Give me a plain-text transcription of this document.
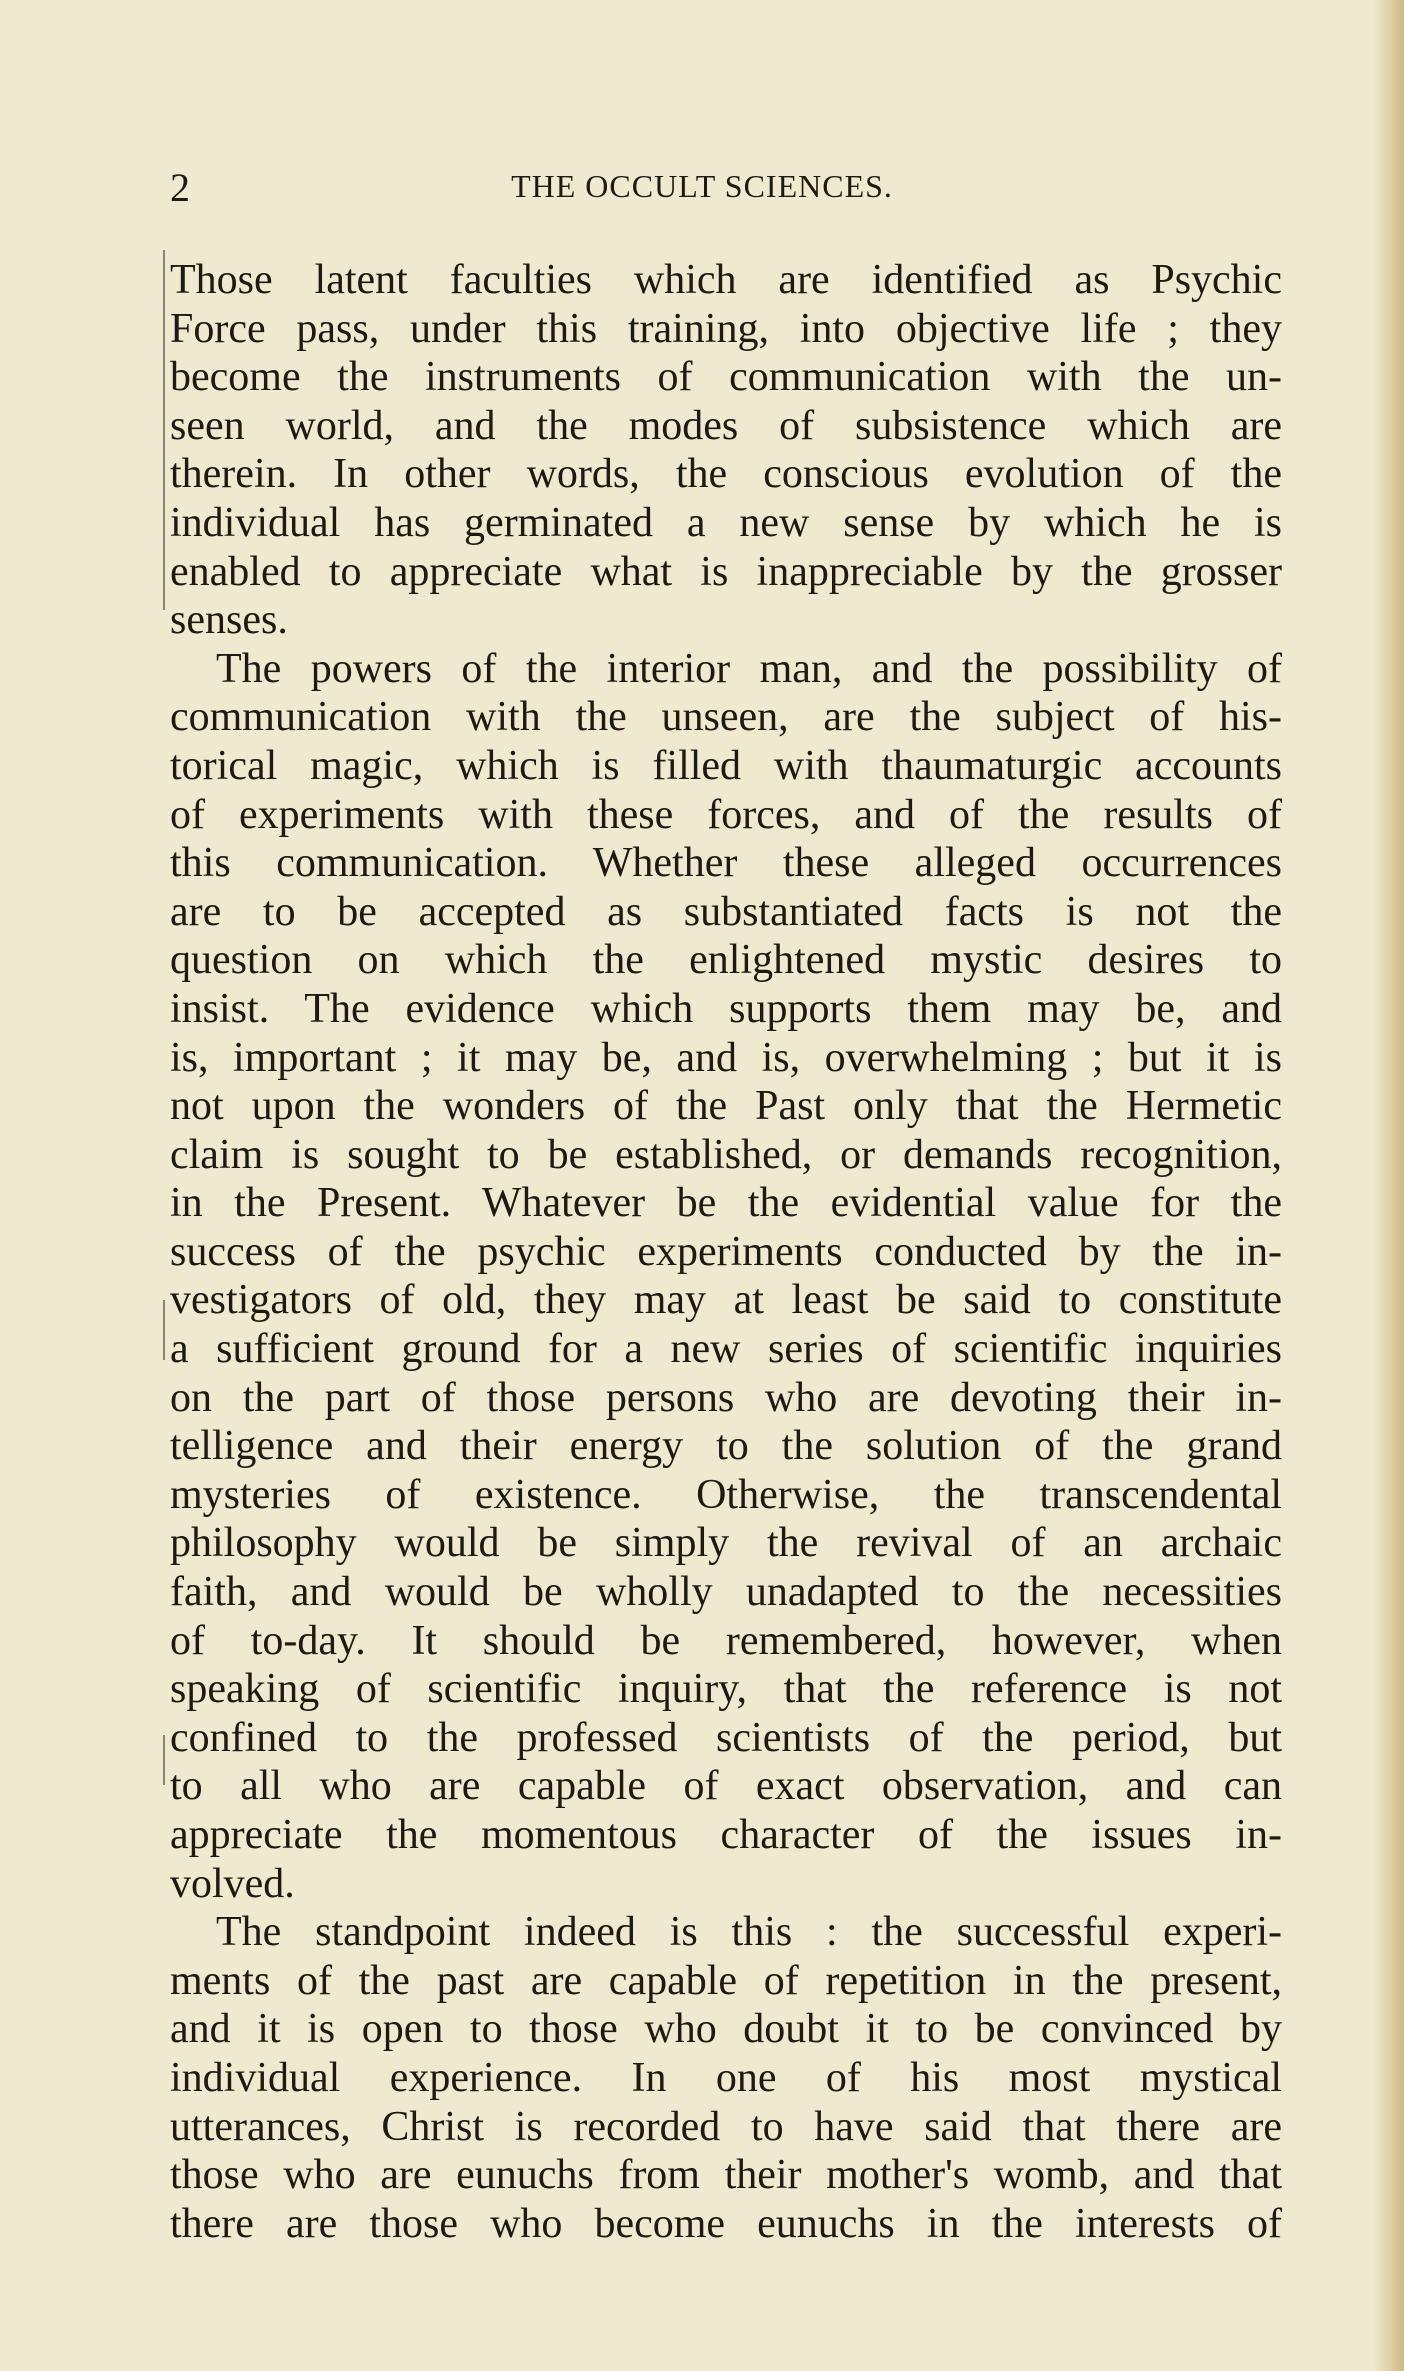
2	THE OCCULT SCIENCES.
Those latent faculties which are identified as Psychic
Force pass, under this training, into objective life ; they
become the instruments of communication with the un-
seen world, and the modes of subsistence which are
therein. In other words, the conscious evolution of the
individual has germinated a new sense by which he is
enabled to appreciate what is inappreciable by the grosser
senses.
The powers of the interior man, and the possibility of
communication with the unseen, are the subject of his-
torical magic, which is filled with thaumaturgic accounts
of experiments with these forces, and of the results of
this communication. Whether these alleged occurrences
are to be accepted as substantiated facts is not the
question on which the enlightened mystic desires to
insist. The evidence which supports them may be, and
is, important ; it may be, and is, overwhelming ; but it is
not upon the wonders of the Past only that the Hermetic
claim is sought to be established, or demands recognition,
in the Present. Whatever be the evidential value for the
success of the psychic experiments conducted by the in-
vestigators of old, they may at least be said to constitute
a sufficient ground for a new series of scientific inquiries
on the part of those persons who are devoting their in-
telligence and their energy to the solution of the grand
mysteries of existence. Otherwise, the transcendental
philosophy would be simply the revival of an archaic
faith, and would be wholly unadapted to the necessities
of to-day. It should be remembered, however, when
speaking of scientific inquiry, that the reference is not
confined to the professed scientists of the period, but
to all who are capable of exact observation, and can
appreciate the momentous character of the issues in-
volved.
The standpoint indeed is this : the successful experi-
ments of the past are capable of repetition in the present,
and it is open to those who doubt it to be convinced by
individual experience. In one of his most mystical
utterances, Christ is recorded to have said that there are
those who are eunuchs from their mother's womb, and that
there are those who become eunuchs in the interests of
